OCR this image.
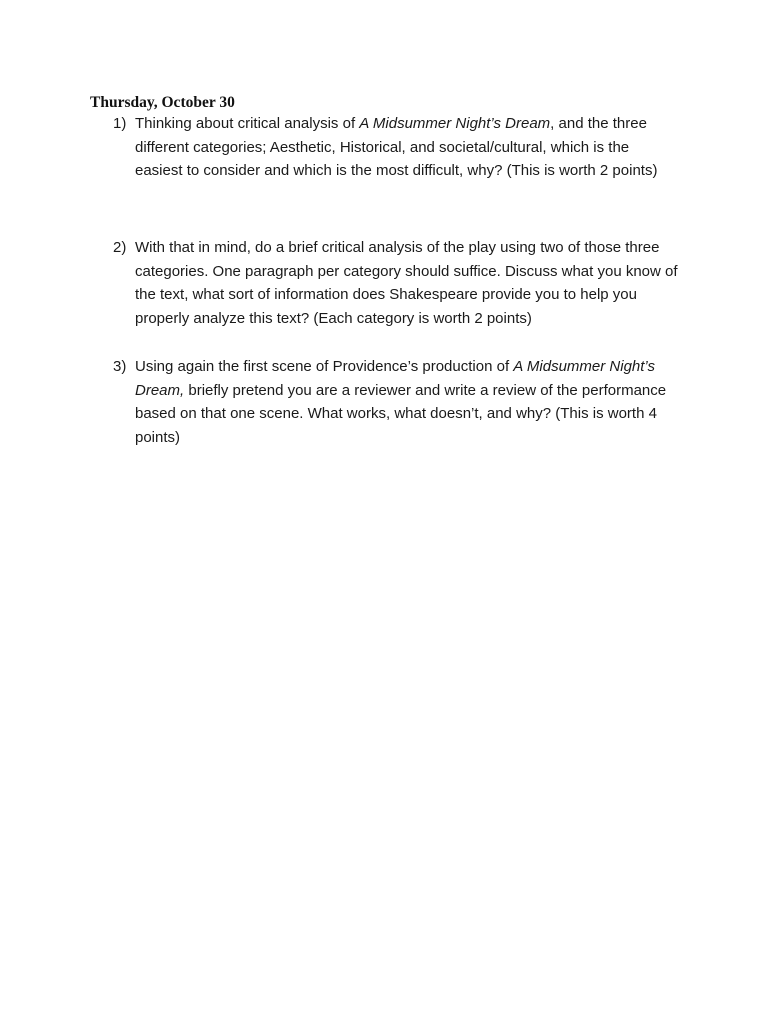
Thursday, October 30
1) Thinking about critical analysis of A Midsummer Night’s Dream, and the three different categories; Aesthetic, Historical, and societal/cultural, which is the easiest to consider and which is the most difficult, why? (This is worth 2 points)
2) With that in mind, do a brief critical analysis of the play using two of those three categories. One paragraph per category should suffice. Discuss what you know of the text, what sort of information does Shakespeare provide you to help you properly analyze this text? (Each category is worth 2 points)
3) Using again the first scene of Providence’s production of A Midsummer Night’s Dream, briefly pretend you are a reviewer and write a review of the performance based on that one scene. What works, what doesn’t, and why? (This is worth 4 points)
